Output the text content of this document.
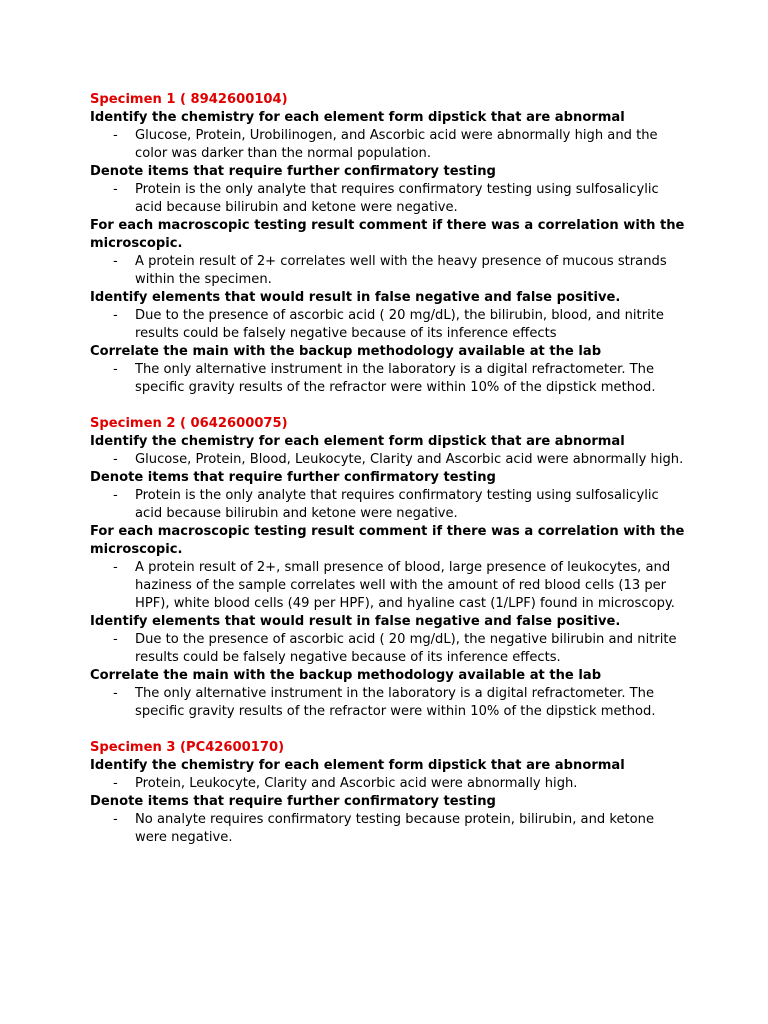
Specimen 1 ( 8942600104)
Identify the chemistry for each element form dipstick that are abnormal
- Glucose, Protein, Urobilinogen, and Ascorbic acid were abnormally high and the color was darker than the normal population.
Denote items that require further confirmatory testing
- Protein is the only analyte that requires confirmatory testing using sulfosalicylic acid because bilirubin and ketone were negative.
For each macroscopic testing result comment if there was a correlation with the microscopic.
- A protein result of 2+ correlates well with the heavy presence of mucous strands within the specimen.
Identify elements that would result in false negative and false positive.
- Due to the presence of ascorbic acid ( 20 mg/dL), the bilirubin, blood, and nitrite results could be falsely negative because of its inference effects
Correlate the main with the backup methodology available at the lab
- The only alternative instrument in the laboratory is a digital refractometer. The specific gravity results of the refractor were within 10% of the dipstick method.
Specimen 2 ( 0642600075)
Identify the chemistry for each element form dipstick that are abnormal
- Glucose, Protein, Blood, Leukocyte, Clarity and Ascorbic acid were abnormally high.
Denote items that require further confirmatory testing
- Protein is the only analyte that requires confirmatory testing using sulfosalicylic acid because bilirubin and ketone were negative.
For each macroscopic testing result comment if there was a correlation with the microscopic.
- A protein result of 2+, small presence of blood, large presence of leukocytes, and haziness of the sample correlates well with the amount of red blood cells (13 per HPF), white blood cells (49 per HPF), and hyaline cast (1/LPF) found in microscopy.
Identify elements that would result in false negative and false positive.
- Due to the presence of ascorbic acid ( 20 mg/dL), the negative bilirubin and nitrite results could be falsely negative because of its inference effects.
Correlate the main with the backup methodology available at the lab
- The only alternative instrument in the laboratory is a digital refractometer. The specific gravity results of the refractor were within 10% of the dipstick method.
Specimen 3 (PC42600170)
Identify the chemistry for each element form dipstick that are abnormal
- Protein, Leukocyte, Clarity and Ascorbic acid were abnormally high.
Denote items that require further confirmatory testing
- No analyte requires confirmatory testing because protein, bilirubin, and ketone were negative.
